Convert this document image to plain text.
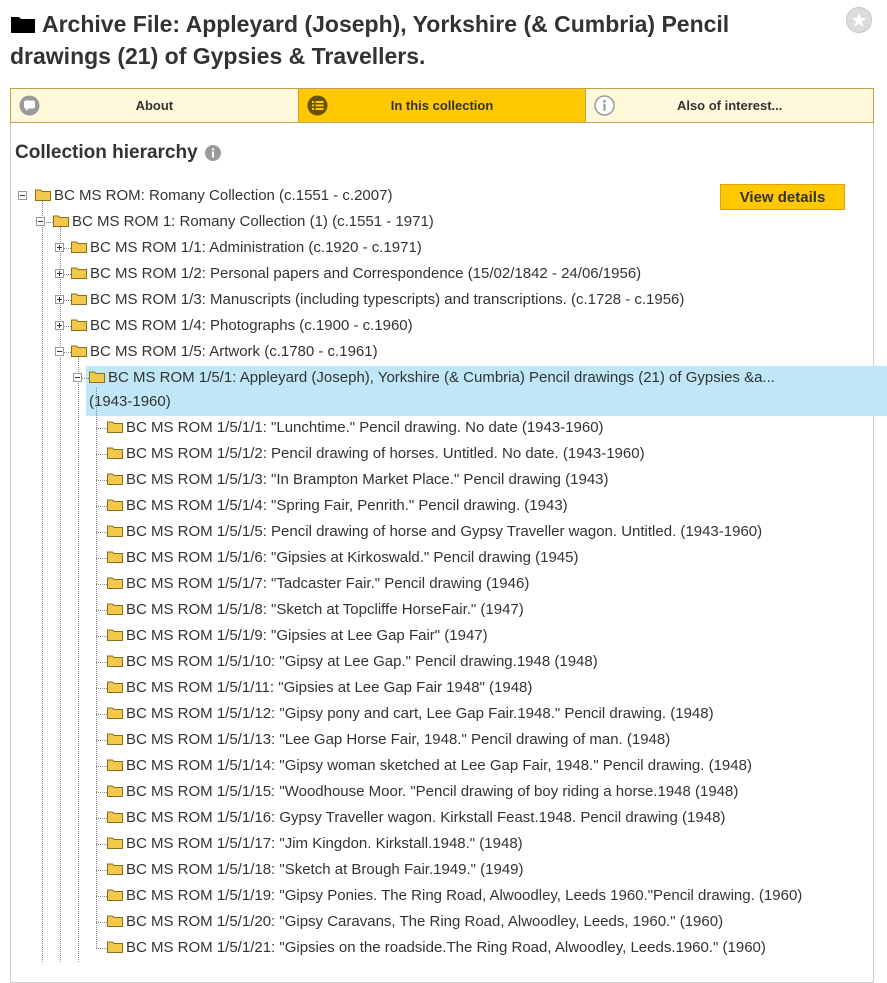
Archive File: Appleyard (Joseph), Yorkshire (& Cumbria) Pencil drawings (21) of Gypsies & Travellers.
About	In this collection	Also of interest...
Collection hierarchy
View details
BC MS ROM: Romany Collection (c.1551 - c.2007)
BC MS ROM 1: Romany Collection (1) (c.1551 - 1971)
BC MS ROM 1/1: Administration (c.1920 - c.1971)
BC MS ROM 1/2: Personal papers and Correspondence (15/02/1842 - 24/06/1956)
BC MS ROM 1/3: Manuscripts (including typescripts) and transcriptions. (c.1728 - c.1956)
BC MS ROM 1/4: Photographs (c.1900 - c.1960)
BC MS ROM 1/5: Artwork (c.1780 - c.1961)
BC MS ROM 1/5/1: Appleyard (Joseph), Yorkshire (& Cumbria) Pencil drawings (21) of Gypsies &a...
(1943-1960)
BC MS ROM 1/5/1/1: "Lunchtime." Pencil drawing. No date (1943-1960)
BC MS ROM 1/5/1/2: Pencil drawing of horses. Untitled. No date. (1943-1960)
BC MS ROM 1/5/1/3: "In Brampton Market Place." Pencil drawing (1943)
BC MS ROM 1/5/1/4: "Spring Fair, Penrith." Pencil drawing. (1943)
BC MS ROM 1/5/1/5: Pencil drawing of horse and Gypsy Traveller wagon. Untitled. (1943-1960)
BC MS ROM 1/5/1/6: "Gipsies at Kirkoswald." Pencil drawing (1945)
BC MS ROM 1/5/1/7: "Tadcaster Fair." Pencil drawing (1946)
BC MS ROM 1/5/1/8: "Sketch at Topcliffe HorseFair." (1947)
BC MS ROM 1/5/1/9: "Gipsies at Lee Gap Fair" (1947)
BC MS ROM 1/5/1/10: "Gipsy at Lee Gap." Pencil drawing.1948 (1948)
BC MS ROM 1/5/1/11: "Gipsies at Lee Gap Fair 1948" (1948)
BC MS ROM 1/5/1/12: "Gipsy pony and cart, Lee Gap Fair.1948." Pencil drawing. (1948)
BC MS ROM 1/5/1/13: "Lee Gap Horse Fair, 1948." Pencil drawing of man. (1948)
BC MS ROM 1/5/1/14: "Gipsy woman sketched at Lee Gap Fair, 1948." Pencil drawing. (1948)
BC MS ROM 1/5/1/15: "Woodhouse Moor. "Pencil drawing of boy riding a horse.1948 (1948)
BC MS ROM 1/5/1/16: Gypsy Traveller wagon. Kirkstall Feast.1948. Pencil drawing (1948)
BC MS ROM 1/5/1/17: "Jim Kingdon. Kirkstall.1948." (1948)
BC MS ROM 1/5/1/18: "Sketch at Brough Fair.1949." (1949)
BC MS ROM 1/5/1/19: "Gipsy Ponies. The Ring Road, Alwoodley, Leeds 1960."Pencil drawing. (1960)
BC MS ROM 1/5/1/20: "Gipsy Caravans, The Ring Road, Alwoodley, Leeds, 1960." (1960)
BC MS ROM 1/5/1/21: "Gipsies on the roadside.The Ring Road, Alwoodley, Leeds.1960." (1960)
